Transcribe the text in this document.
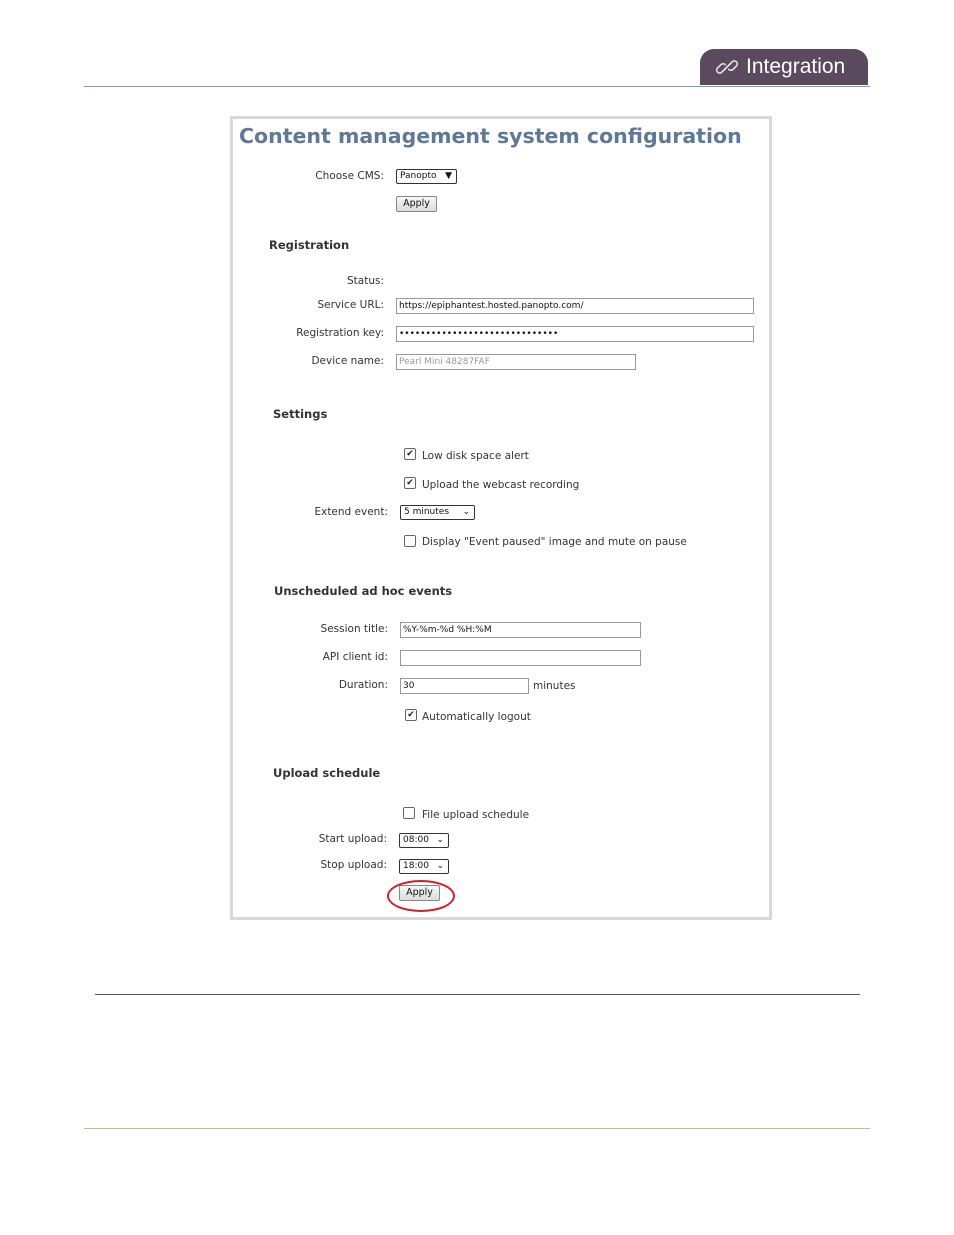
Integration
Content management system configuration
Choose CMS:	Panopto ▼
Apply
Registration
Status:
Service URL:	https://epiphantest.hosted.panopto.com/
Registration key:	••••••••••••••••••••••••••••••
Device name:	Pearl Mini 48287FAF
Settings
✔ Low disk space alert
✔ Upload the webcast recording
Extend event:	5 minutes ⌄
Display "Event paused" image and mute on pause
Unscheduled ad hoc events
Session title:	%Y-%m-%d %H:%M
API client id:
Duration:	30	minutes
✔ Automatically logout
Upload schedule
File upload schedule
Start upload:	08:00 ⌄
Stop upload:	18:00 ⌄
Apply
